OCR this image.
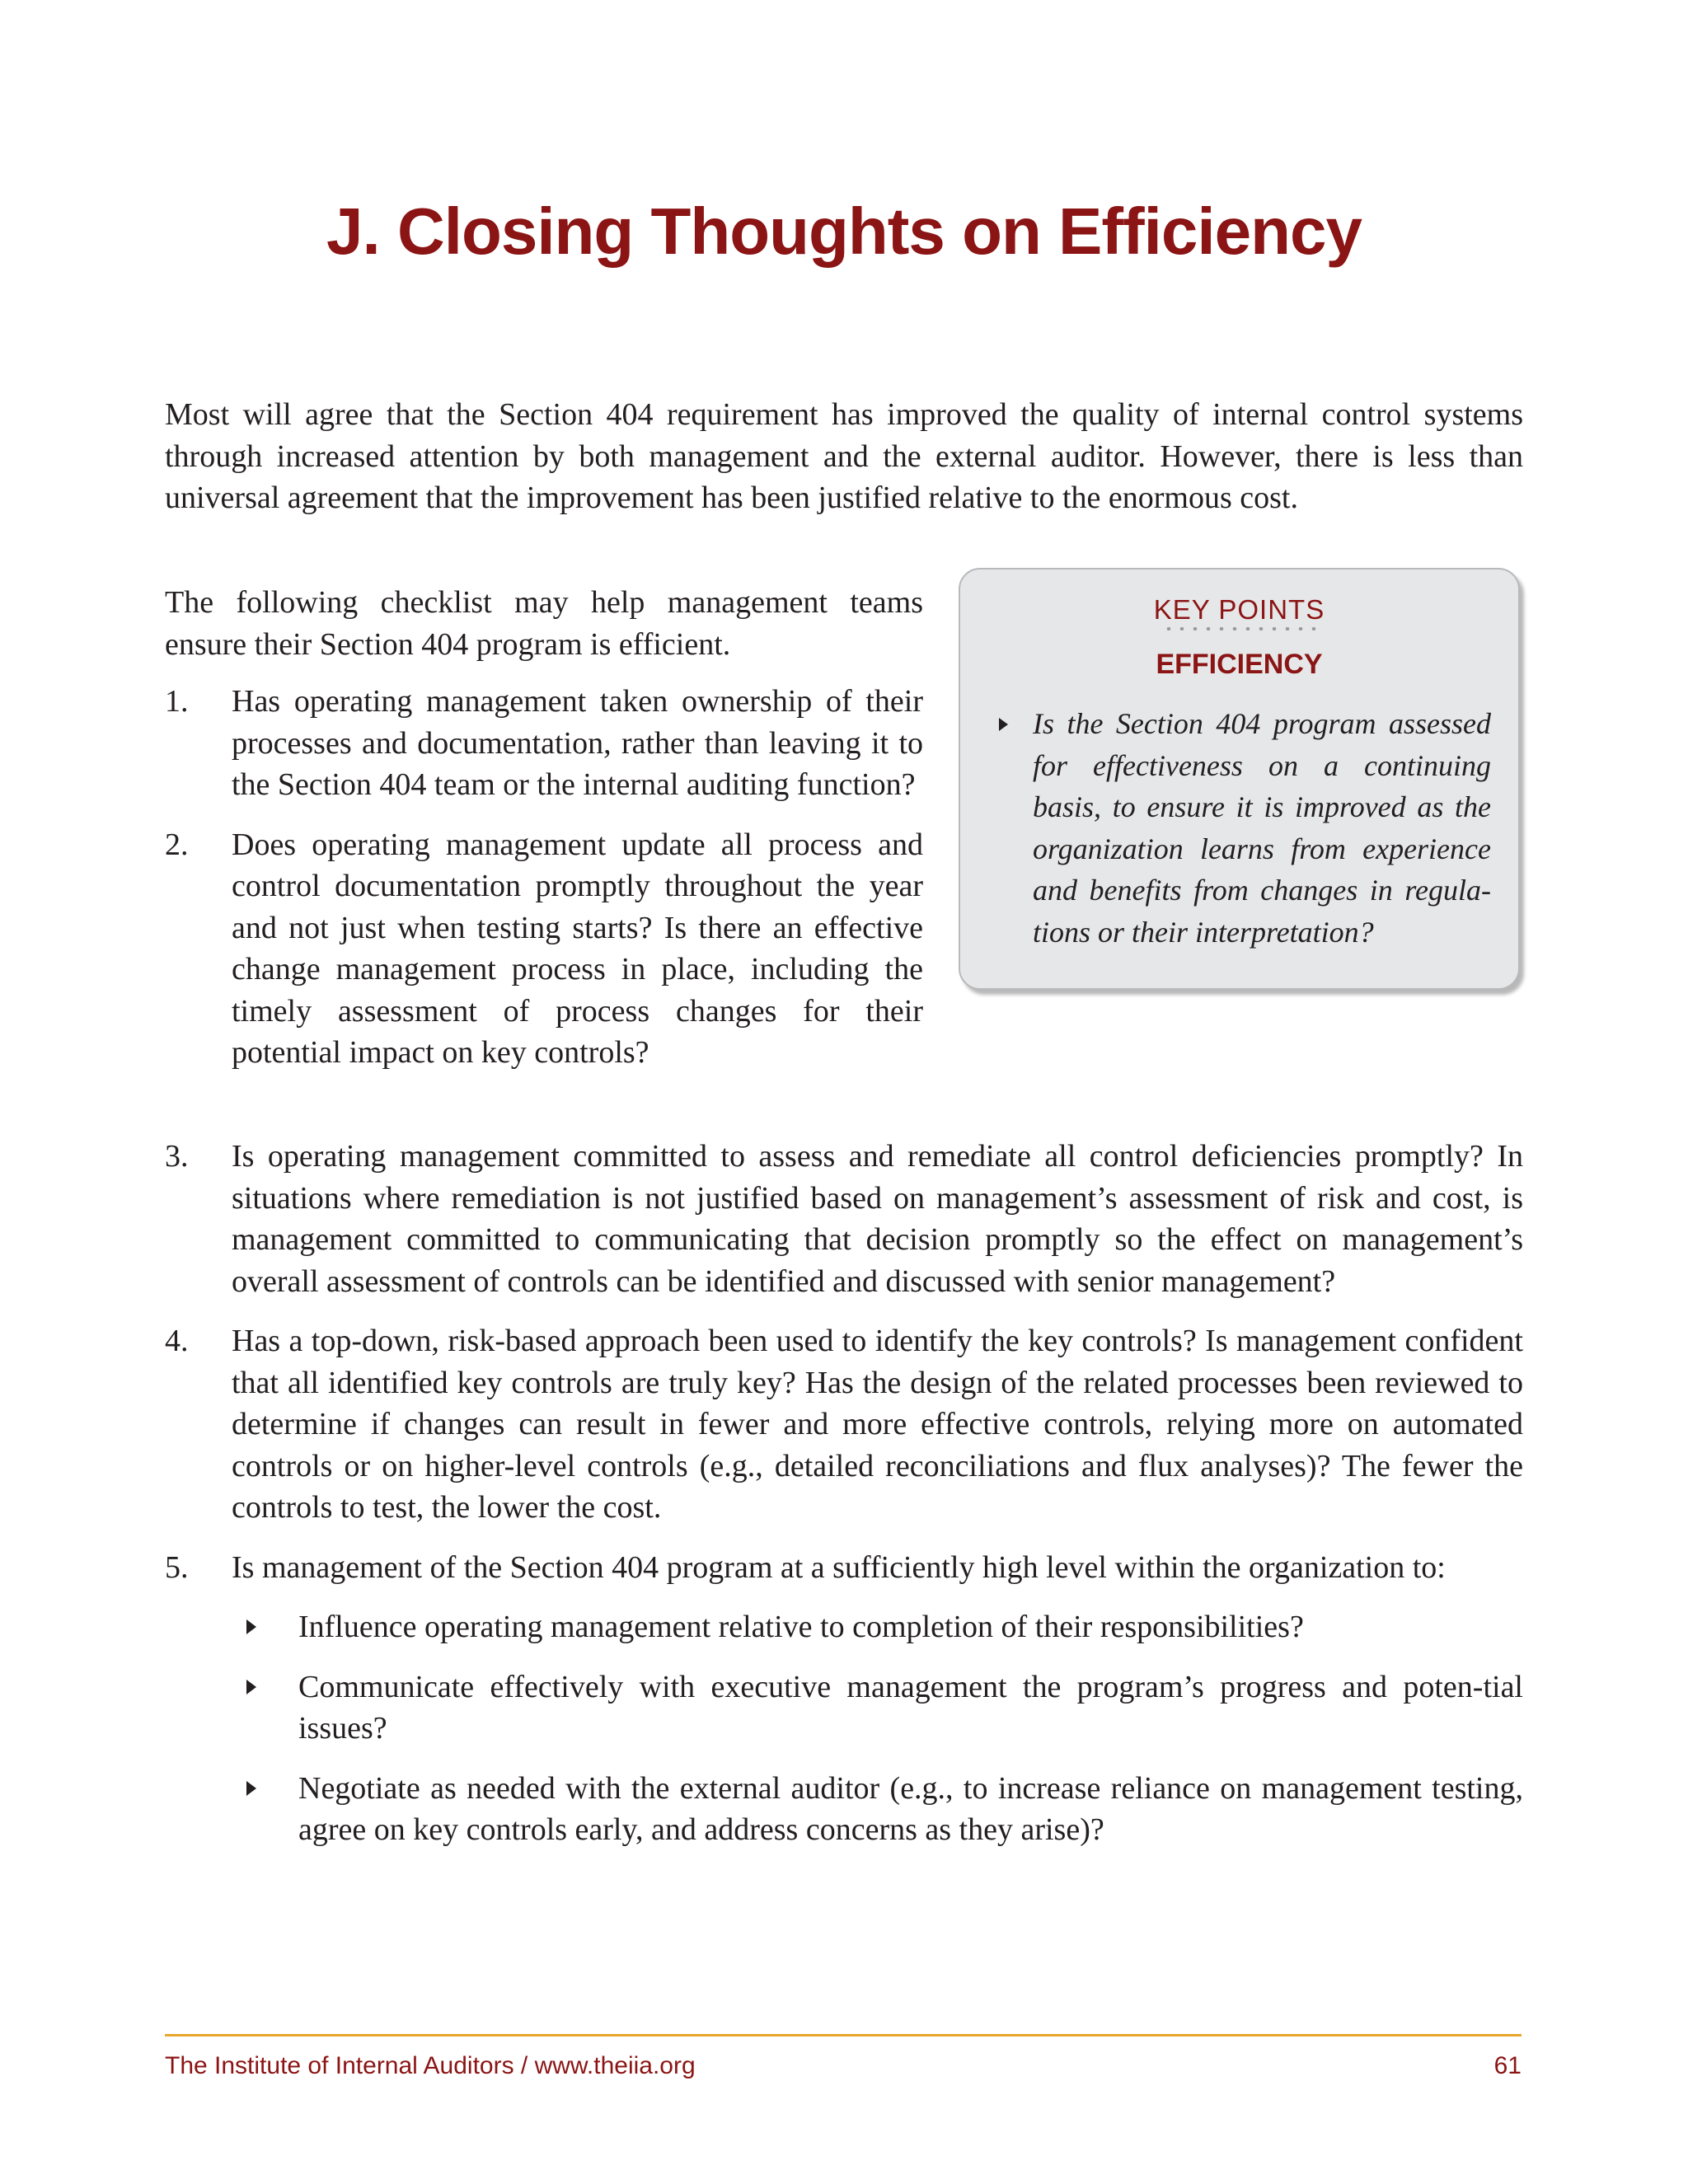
J. Closing Thoughts on Efficiency

Most will agree that the Section 404 requirement has improved the quality of internal control systems through increased attention by both management and the external auditor. However, there is less than universal agreement that the improvement has been justified relative to the enormous cost.

The following checklist may help management teams ensure their Section 404 program is efficient.

1. Has operating management taken ownership of their processes and documentation, rather than leaving it to the Section 404 team or the internal auditing function?

2. Does operating management update all process and control documentation promptly throughout the year and not just when testing starts? Is there an effective change management process in place, including the timely assessment of process changes for their potential impact on key controls?

3. Is operating management committed to assess and remediate all control deficiencies promptly? In situations where remediation is not justified based on management’s assessment of risk and cost, is management committed to communicating that decision promptly so the effect on management’s overall assessment of controls can be identified and discussed with senior management?

4. Has a top-down, risk-based approach been used to identify the key controls? Is management confident that all identified key controls are truly key? Has the design of the related processes been reviewed to determine if changes can result in fewer and more effective controls, relying more on automated controls or on higher-level controls (e.g., detailed reconciliations and flux analyses)? The fewer the controls to test, the lower the cost.

5. Is management of the Section 404 program at a sufficiently high level within the organization to:

Influence operating management relative to completion of their responsibilities?

Communicate effectively with executive management the program’s progress and poten-tial issues?

Negotiate as needed with the external auditor (e.g., to increase reliance on management testing, agree on key controls early, and address concerns as they arise)?

KEY POINTS
EFFICIENCY

Is the Section 404 program assessed for effectiveness on a continuing basis, to ensure it is improved as the organization learns from experience and benefits from changes in regula-tions or their interpretation?

The Institute of Internal Auditors / www.theiia.org	61
